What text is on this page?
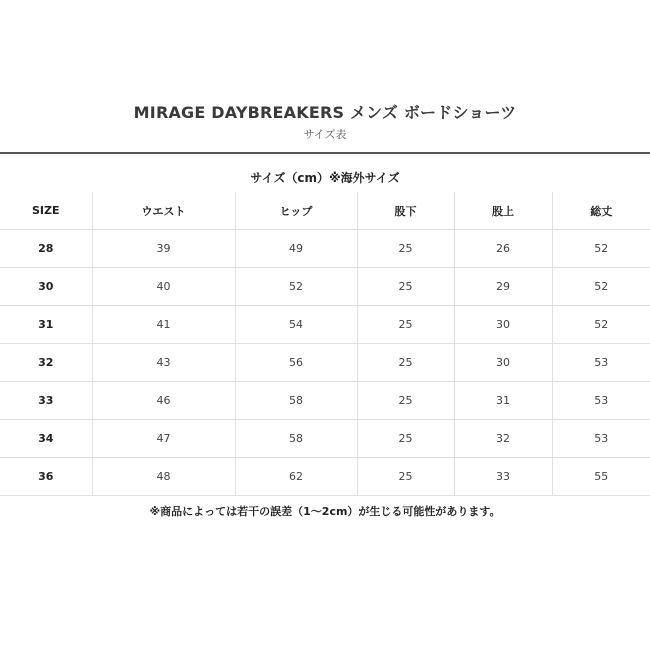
MIRAGE DAYBREAKERS メンズ ボードショーツ
サイズ表
サイズ（cm）※海外サイズ
SIZE	ウエスト	ヒップ	股下	股上	総丈
28	39	49	25	26	52
30	40	52	25	29	52
31	41	54	25	30	52
32	43	56	25	30	53
33	46	58	25	31	53
34	47	58	25	32	53
36	48	62	25	33	55
※商品によっては若干の誤差（1〜2cm）が生じる可能性があります。
